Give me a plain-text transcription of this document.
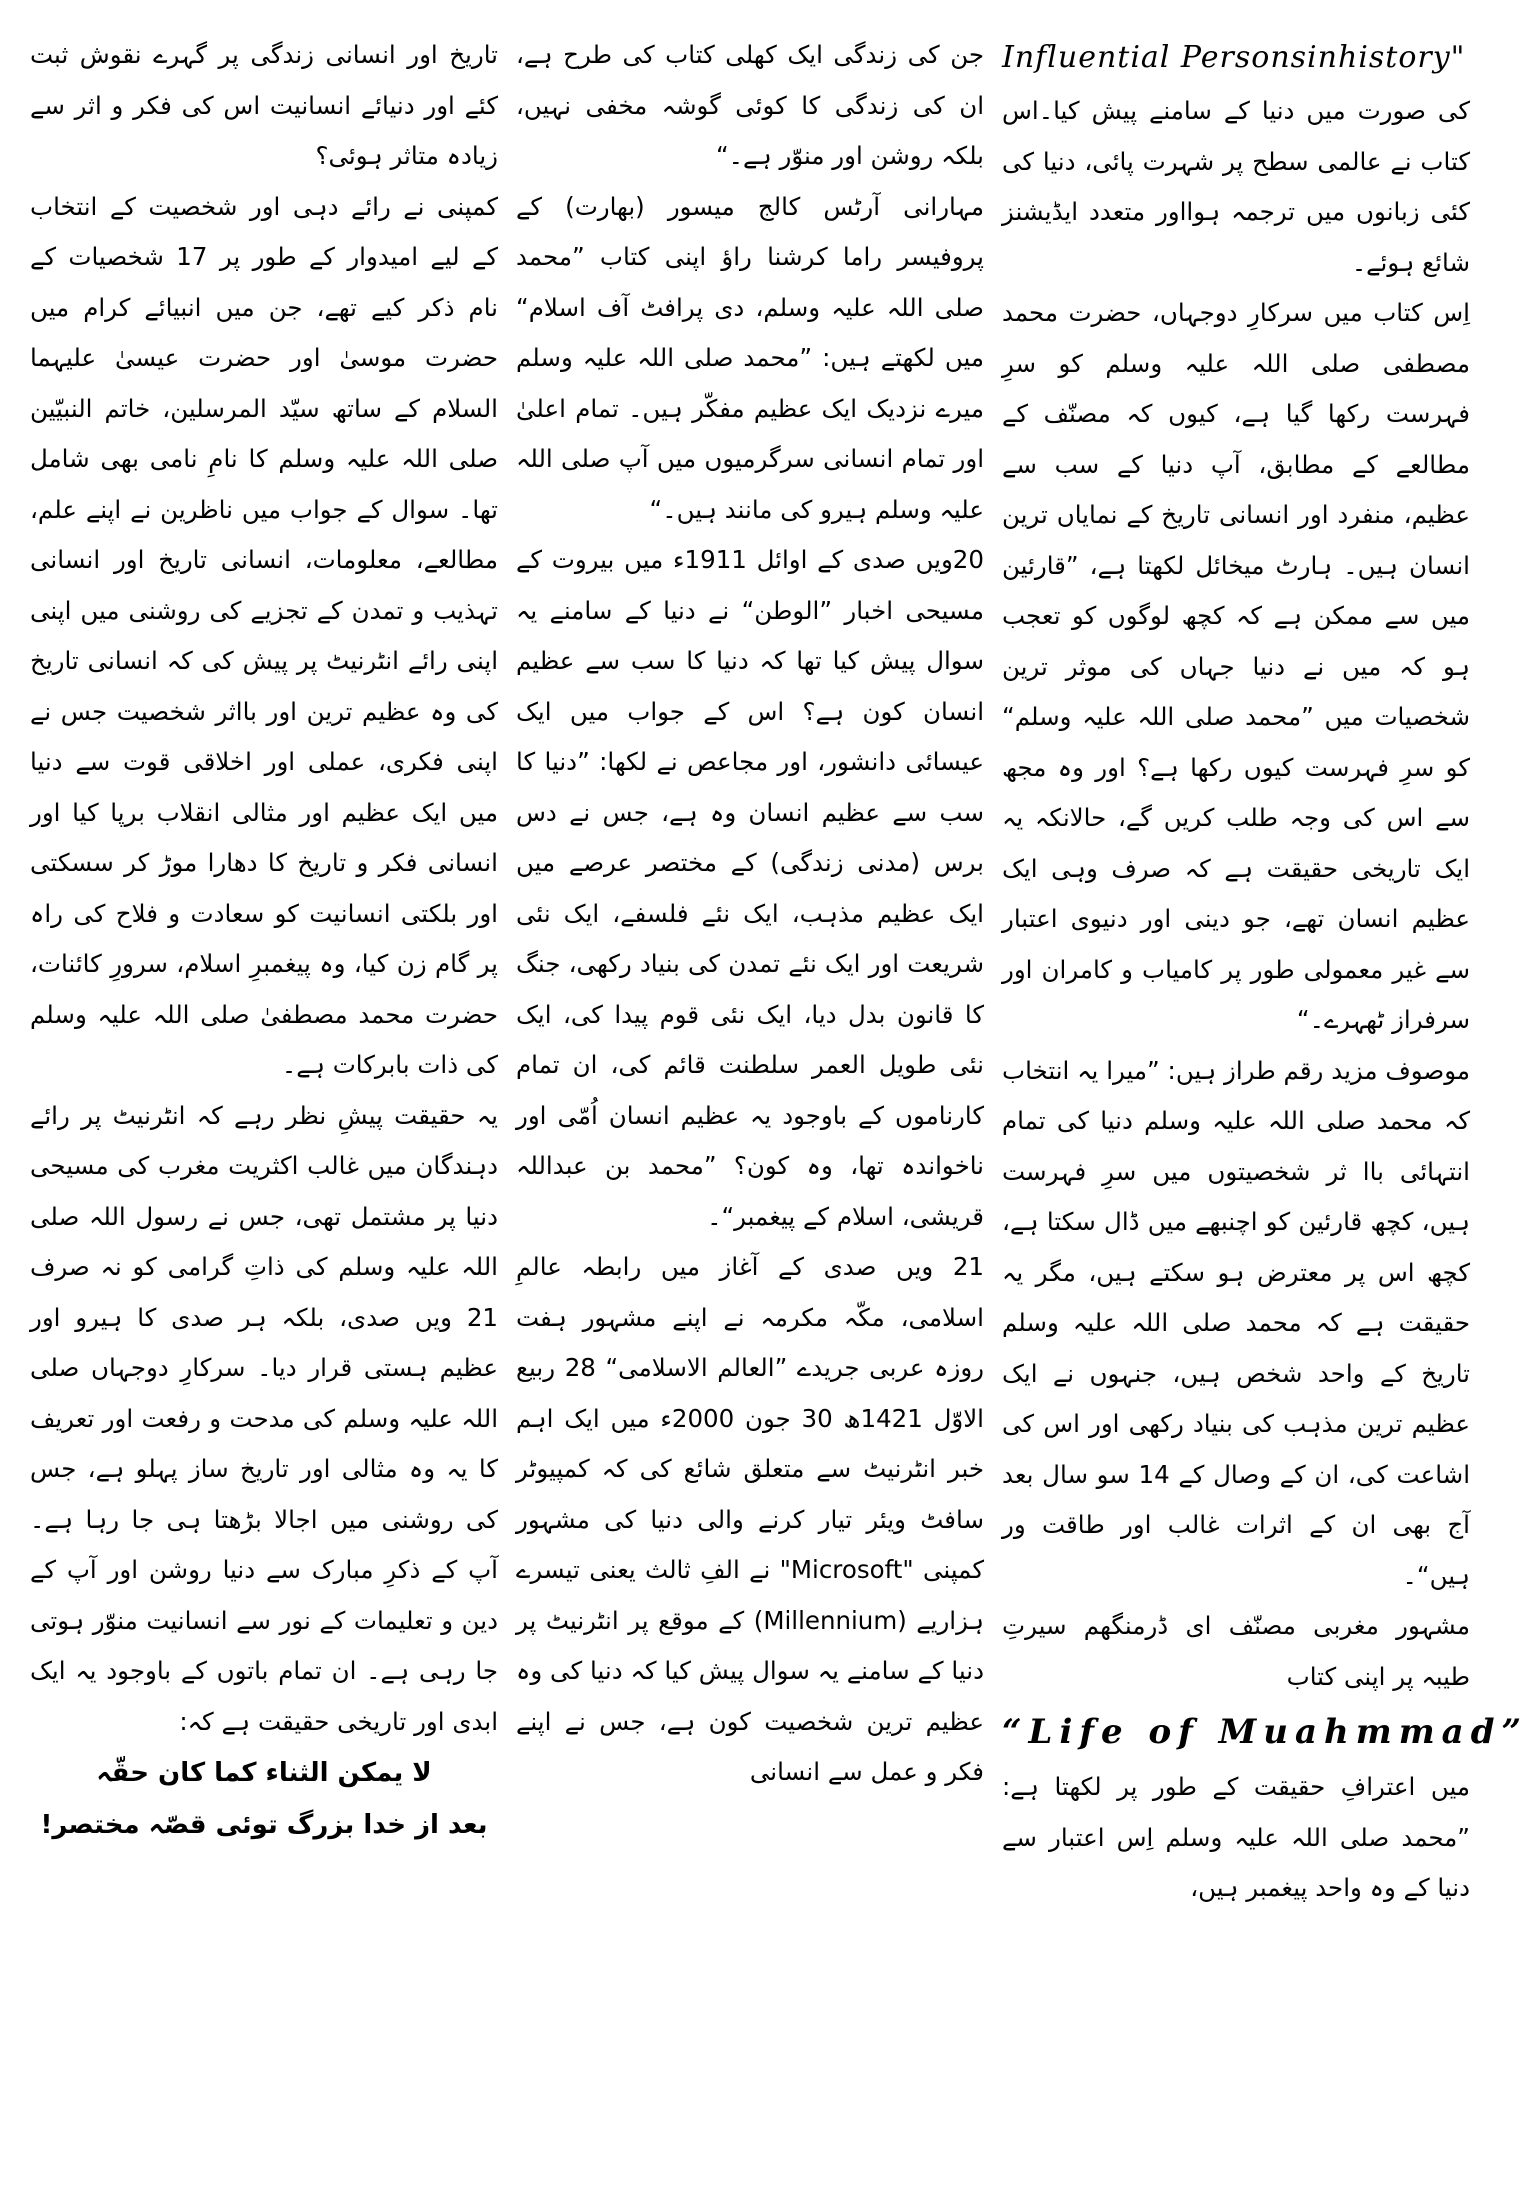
Influential Personsinhistory"

کی صورت میں دنیا کے سامنے پیش کیا۔اس کتاب نے عالمی سطح پر شہرت پائی، دنیا کی کئی زبانوں میں ترجمہ ہوااور متعدد ایڈیشنز شائع ہوئے۔

اِس کتاب میں سرکارِ دوجہاں، حضرت محمد مصطفی صلی اللہ علیہ وسلم کو سرِ فہرست رکھا گیا ہے، کیوں کہ مصنّف کے مطالعے کے مطابق، آپ دنیا کے سب سے عظیم، منفرد اور انسانی تاریخ کے نمایاں ترین انسان ہیں۔ ہارٹ میخائل لکھتا ہے، ”قارئین میں سے ممکن ہے کہ کچھ لوگوں کو تعجب ہو کہ میں نے دنیا جہاں کی موثر ترین شخصیات میں ”محمد صلی اللہ علیہ وسلم“ کو سرِ فہرست کیوں رکھا ہے؟ اور وہ مجھ سے اس کی وجہ طلب کریں گے، حالانکہ یہ ایک تاریخی حقیقت ہے کہ صرف وہی ایک عظیم انسان تھے، جو دینی اور دنیوی اعتبار سے غیر معمولی طور پر کامیاب و کامران اور سرفراز ٹھہرے۔“

موصوف مزید رقم طراز ہیں: ”میرا یہ انتخاب کہ محمد صلی اللہ علیہ وسلم دنیا کی تمام انتہائی باا ثر شخصیتوں میں سرِ فہرست ہیں، کچھ قارئین کو اچنبھے میں ڈال سکتا ہے، کچھ اس پر معترض ہو سکتے ہیں، مگر یہ حقیقت ہے کہ محمد صلی اللہ علیہ وسلم تاریخ کے واحد شخص ہیں، جنہوں نے ایک عظیم ترین مذہب کی بنیاد رکھی اور اس کی اشاعت کی، ان کے وصال کے 14 سو سال بعد آج بھی ان کے اثرات غالب اور طاقت ور ہیں“۔

مشہور مغربی مصنّف ای ڈرمنگھم سیرتِ طیبہ پر اپنی کتاب

“Life of Muahmmad”

میں اعترافِ حقیقت کے طور پر لکھتا ہے: ”محمد صلی اللہ علیہ وسلم اِس اعتبار سے دنیا کے وہ واحد پیغمبر ہیں،

جن کی زندگی ایک کھلی کتاب کی طرح ہے، ان کی زندگی کا کوئی گوشہ مخفی نہیں، بلکہ روشن اور منوّر ہے۔“

مہارانی آرٹس کالج میسور (بھارت) کے پروفیسر راما کرشنا راؤ اپنی کتاب ”محمد صلی اللہ علیہ وسلم، دی پرافٹ آف اسلام“ میں لکھتے ہیں: ”محمد صلی اللہ علیہ وسلم میرے نزدیک ایک عظیم مفکّر ہیں۔ تمام اعلیٰ اور تمام انسانی سرگرمیوں میں آپ صلی اللہ علیہ وسلم ہیرو کی مانند ہیں۔“

20ویں صدی کے اوائل 1911ء میں بیروت کے مسیحی اخبار ”الوطن“ نے دنیا کے سامنے یہ سوال پیش کیا تھا کہ دنیا کا سب سے عظیم انسان کون ہے؟ اس کے جواب میں ایک عیسائی دانشور، اور مجاعص نے لکھا: ”دنیا کا سب سے عظیم انسان وہ ہے، جس نے دس برس (مدنی زندگی) کے مختصر عرصے میں ایک عظیم مذہب، ایک نئے فلسفے، ایک نئی شریعت اور ایک نئے تمدن کی بنیاد رکھی، جنگ کا قانون بدل دیا، ایک نئی قوم پیدا کی، ایک نئی طویل العمر سلطنت قائم کی، ان تمام کارناموں کے باوجود یہ عظیم انسان اُمّی اور ناخواندہ تھا، وہ کون؟ ”محمد بن عبداللہ قریشی، اسلام کے پیغمبر“۔

21 ویں صدی کے آغاز میں رابطہ عالمِ اسلامی، مکّہ مکرمہ نے اپنے مشہور ہفت روزہ عربی جریدے ”العالم الاسلامی“ 28 ربیع الاوّل 1421ھ 30 جون 2000ء میں ایک اہم خبر انٹرنیٹ سے متعلق شائع کی کہ کمپیوٹر سافٹ ویئر تیار کرنے والی دنیا کی مشہور کمپنی "Microsoft" نے الفِ ثالث یعنی تیسرے ہزاریے (Millennium) کے موقع پر انٹرنیٹ پر دنیا کے سامنے یہ سوال پیش کیا کہ دنیا کی وہ عظیم ترین شخصیت کون ہے، جس نے اپنے فکر و عمل سے انسانی

تاریخ اور انسانی زندگی پر گہرے نقوش ثبت کئے اور دنیائے انسانیت اس کی فکر و اثر سے زیادہ متاثر ہوئی؟

کمپنی نے رائے دہی اور شخصیت کے انتخاب کے لیے امیدوار کے طور پر 17 شخصیات کے نام ذکر کیے تھے، جن میں انبیائے کرام میں حضرت موسیٰ اور حضرت عیسیٰ علیہما السلام کے ساتھ سیّد المرسلین، خاتم النبیّین صلی اللہ علیہ وسلم کا نامِ نامی بھی شامل تھا۔ سوال کے جواب میں ناظرین نے اپنے علم، مطالعے، معلومات، انسانی تاریخ اور انسانی تہذیب و تمدن کے تجزیے کی روشنی میں اپنی اپنی رائے انٹرنیٹ پر پیش کی کہ انسانی تاریخ کی وہ عظیم ترین اور بااثر شخصیت جس نے اپنی فکری، عملی اور اخلاقی قوت سے دنیا میں ایک عظیم اور مثالی انقلاب برپا کیا اور انسانی فکر و تاریخ کا دھارا موڑ کر سسکتی اور بلکتی انسانیت کو سعادت و فلاح کی راہ پر گام زن کیا، وہ پیغمبرِ اسلام، سرورِ کائنات، حضرت محمد مصطفیٰ صلی اللہ علیہ وسلم کی ذات بابرکات ہے۔

یہ حقیقت پیشِ نظر رہے کہ انٹرنیٹ پر رائے دہندگان میں غالب اکثریت مغرب کی مسیحی دنیا پر مشتمل تھی، جس نے رسول اللہ صلی اللہ علیہ وسلم کی ذاتِ گرامی کو نہ صرف 21 ویں صدی، بلکہ ہر صدی کا ہیرو اور عظیم ہستی قرار دیا۔ سرکارِ دوجہاں صلی اللہ علیہ وسلم کی مدحت و رفعت اور تعریف کا یہ وہ مثالی اور تاریخ ساز پہلو ہے، جس کی روشنی میں اجالا بڑھتا ہی جا رہا ہے۔ آپ کے ذکرِ مبارک سے دنیا روشن اور آپ کے دین و تعلیمات کے نور سے انسانیت منوّر ہوتی جا رہی ہے۔ ان تمام باتوں کے باوجود یہ ایک ابدی اور تاریخی حقیقت ہے کہ:

لا یمکن الثناء کما کان حقّہ
بعد از خدا بزرگ توئی قصّہ مختصر!
